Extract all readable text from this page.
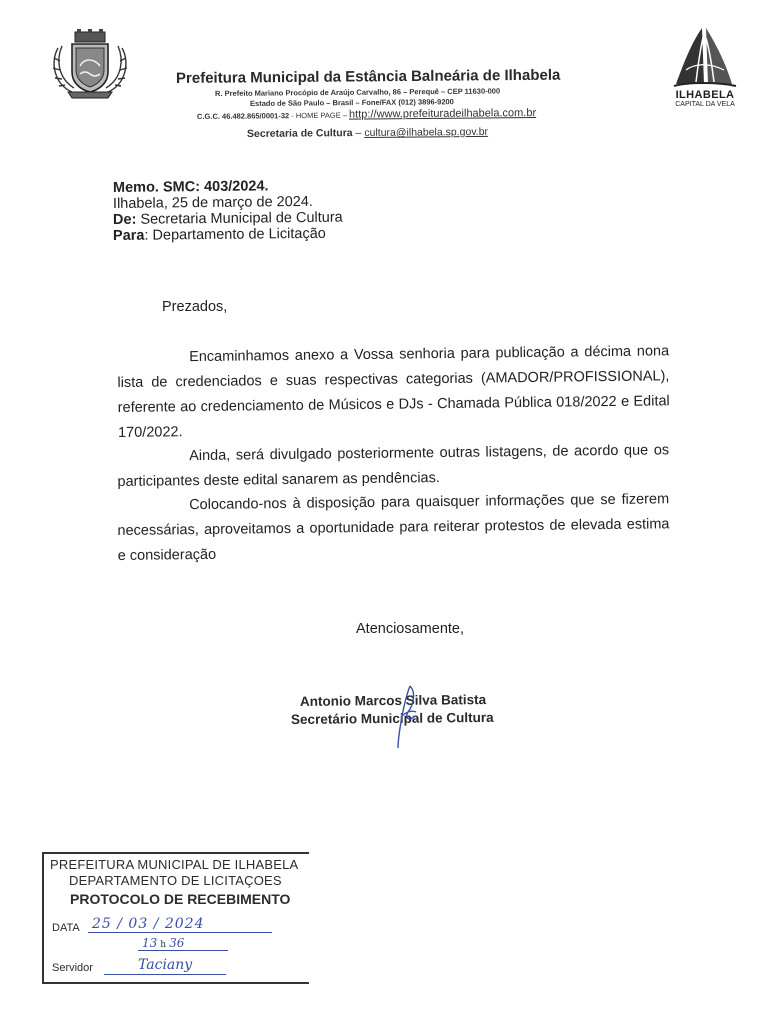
Prefeitura Municipal da Estância Balneária de Ilhabela
R. Prefeito Mariano Procópio de Araújo Carvalho, 86 – Perequê – CEP 11630-000
Estado de São Paulo – Brasil – Fone/FAX (012) 3896-9200
C.G.C. 46.482.865/0001-32 - HOME PAGE – http://www.prefeituradeilhabela.com.br
Secretaria de Cultura – cultura@ilhabela.sp.gov.br
ILHABELA
CAPITAL DA VELA
Memo. SMC: 403/2024.
Ilhabela, 25 de março de 2024.
De: Secretaria Municipal de Cultura
Para: Departamento de Licitação
Prezados,
Encaminhamos anexo a Vossa senhoria para publicação a décima nona lista de credenciados e suas respectivas categorias (AMADOR/PROFISSIONAL), referente ao credenciamento de Músicos e DJs - Chamada Pública 018/2022 e Edital 170/2022.
Ainda, será divulgado posteriormente outras listagens, de acordo que os participantes deste edital sanarem as pendências.
Colocando-nos à disposição para quaisquer informações que se fizerem necessárias, aproveitamos a oportunidade para reiterar protestos de elevada estima e consideração
Atenciosamente,
Antonio Marcos Silva Batista
Secretário Municipal de Cultura
PREFEITURA MUNICIPAL DE ILHABELA
DEPARTAMENTO DE LICITAÇOES
PROTOCOLO DE RECEBIMENTO
DATA
Servidor
25 / 03 / 2024
13 h 36
Taciany
